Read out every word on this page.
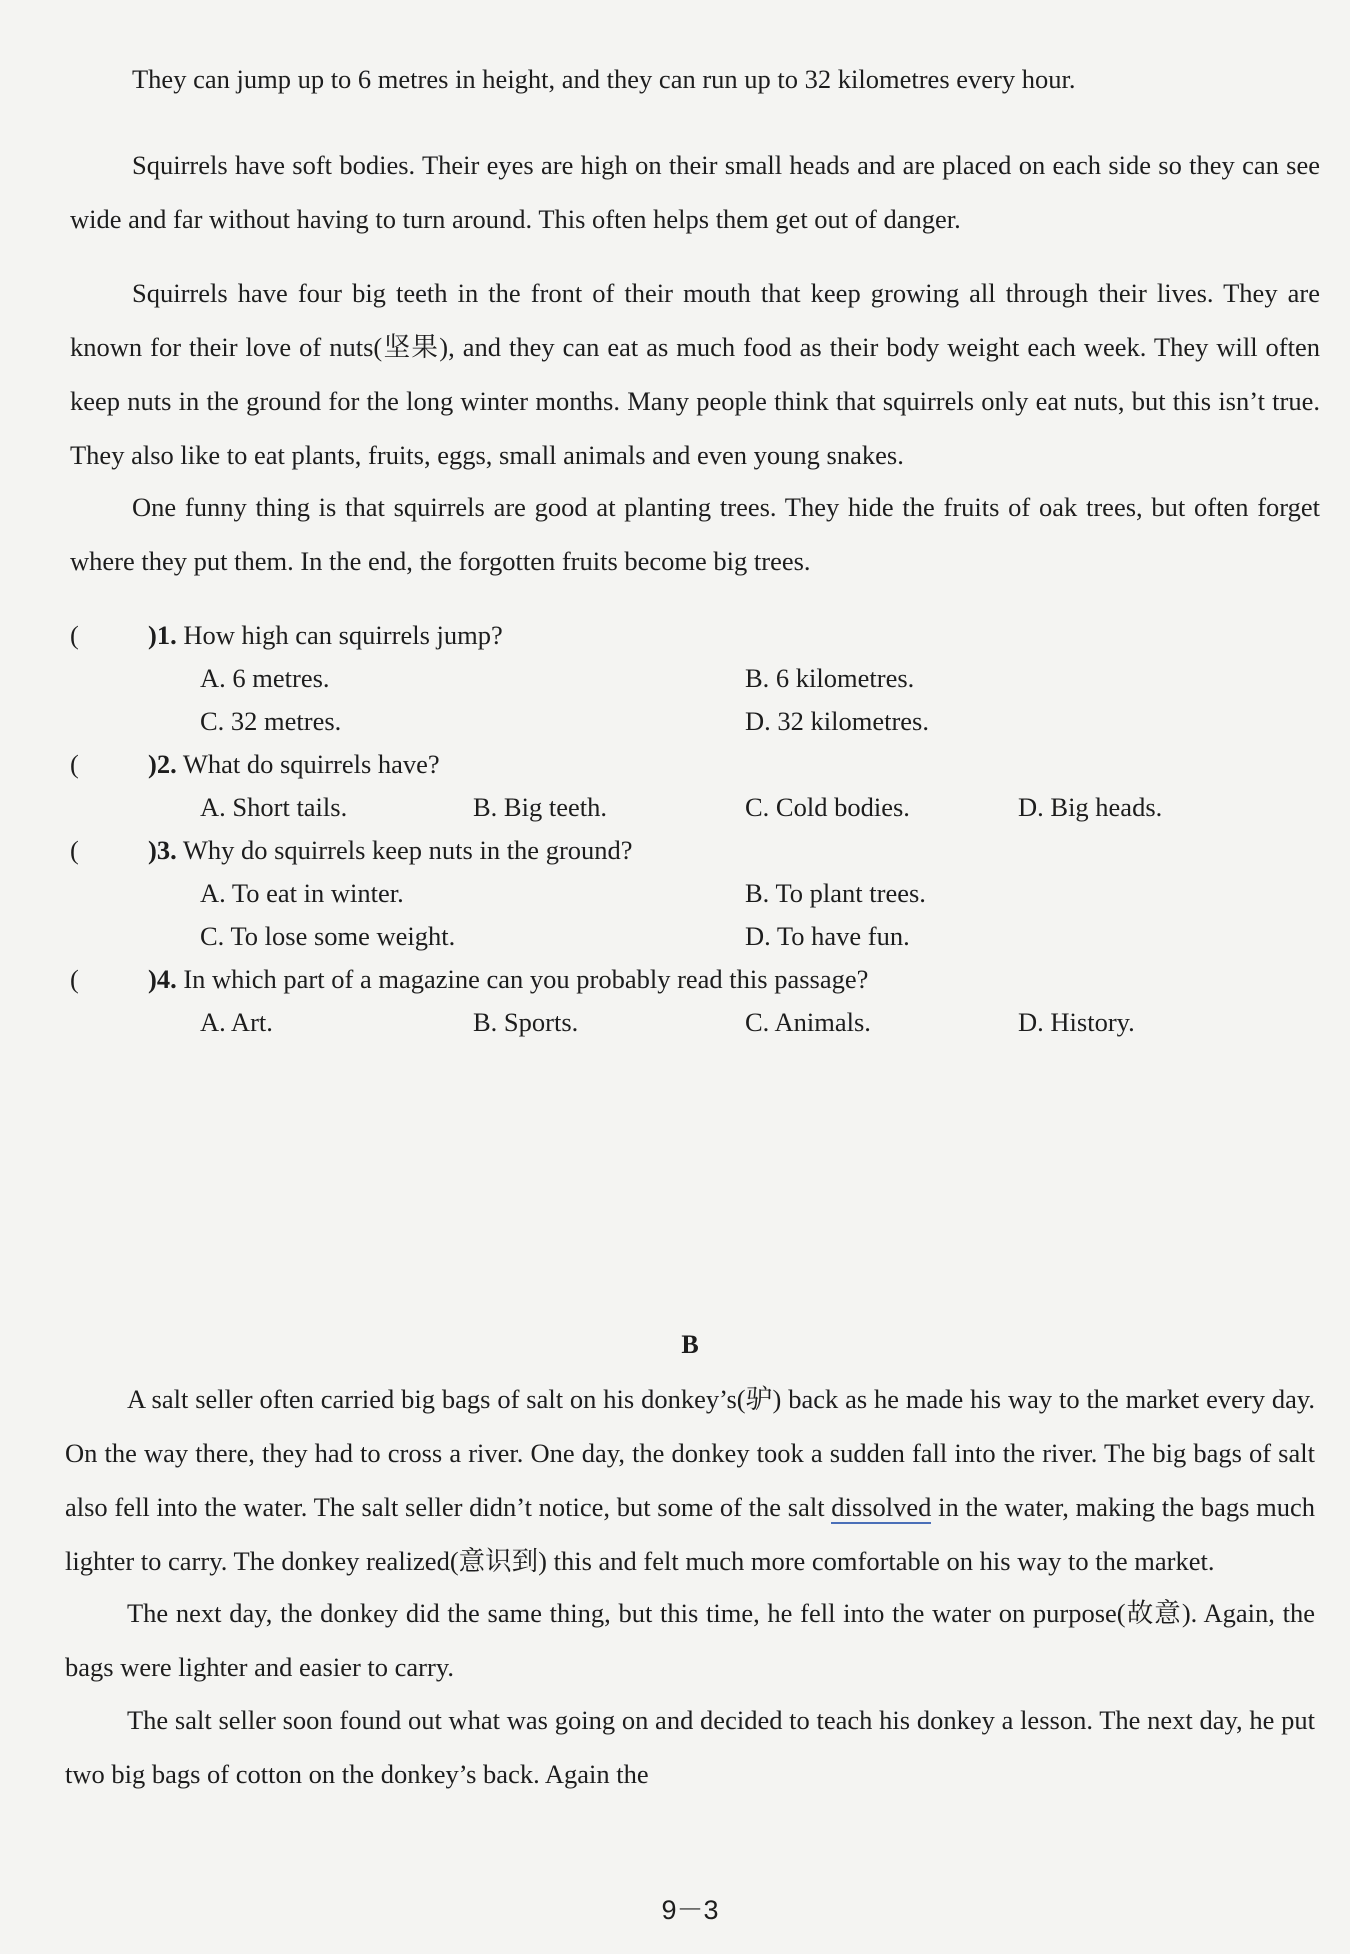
They can jump up to 6 metres in height, and they can run up to 32 kilometres every hour.

Squirrels have soft bodies. Their eyes are high on their small heads and are placed on each side so they can see wide and far without having to turn around. This often helps them get out of danger.

Squirrels have four big teeth in the front of their mouth that keep growing all through their lives. They are known for their love of nuts(坚果), and they can eat as much food as their body weight each week. They will often keep nuts in the ground for the long winter months. Many people think that squirrels only eat nuts, but this isn’t true. They also like to eat plants, fruits, eggs, small animals and even young snakes.

One funny thing is that squirrels are good at planting trees. They hide the fruits of oak trees, but often forget where they put them. In the end, the forgotten fruits become big trees.

(	)1. How high can squirrels jump?
A. 6 metres.	B. 6 kilometres.
C. 32 metres.	D. 32 kilometres.
(	)2. What do squirrels have?
A. Short tails.	B. Big teeth.	C. Cold bodies.	D. Big heads.
(	)3. Why do squirrels keep nuts in the ground?
A. To eat in winter.	B. To plant trees.
C. To lose some weight.	D. To have fun.
(	)4. In which part of a magazine can you probably read this passage?
A. Art.	B. Sports.	C. Animals.	D. History.
B

A salt seller often carried big bags of salt on his donkey’s(驴) back as he made his way to the market every day. On the way there, they had to cross a river. One day, the donkey took a sudden fall into the river. The big bags of salt also fell into the water. The salt seller didn’t notice, but some of the salt dissolved in the water, making the bags much lighter to carry. The donkey realized(意识到) this and felt much more comfortable on his way to the market.

The next day, the donkey did the same thing, but this time, he fell into the water on purpose(故意). Again, the bags were lighter and easier to carry.

The salt seller soon found out what was going on and decided to teach his donkey a lesson. The next day, he put two big bags of cotton on the donkey’s back. Again the

9－3
